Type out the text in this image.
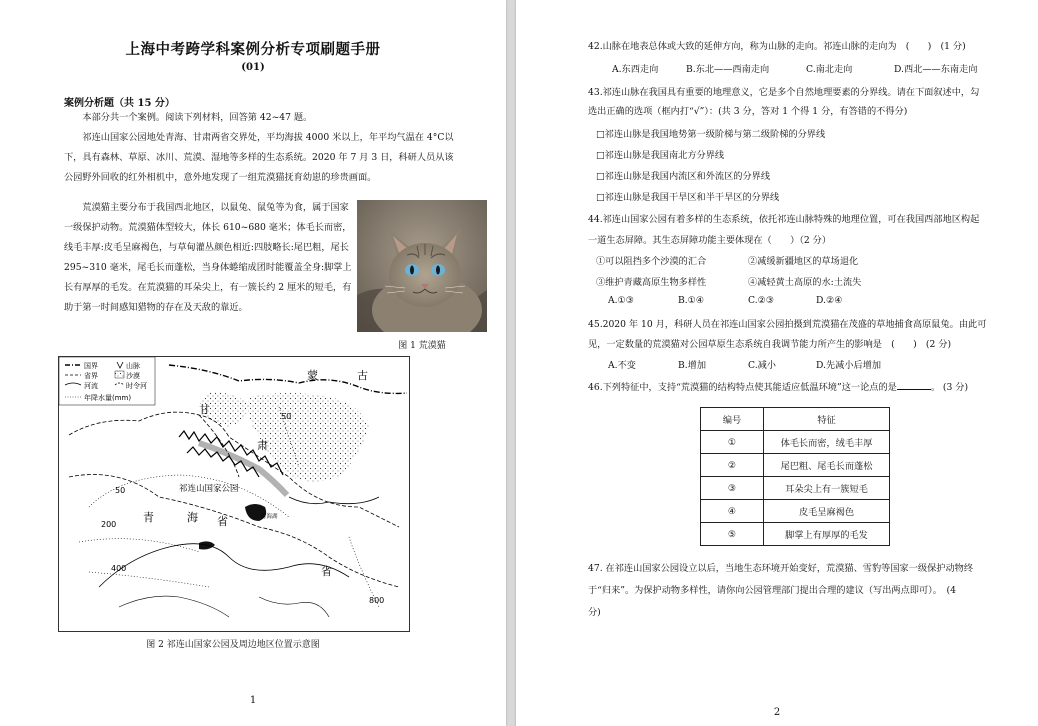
上海中考跨学科案例分析专项刷题手册
(01)
案例分析题（共 15 分）

本部分共一个案例。阅读下列材料，回答第 42~47 题。

祁连山国家公园地处青海、甘肃两省交界处，平均海拔 4000 米以上，年平均气温在 4°C以下，具有森林、草原、冰川、荒漠、湿地等多样的生态系统。2020 年 7 月 3 日，科研人员从该公园野外回收的红外相机中，意外地发现了一组荒漠猫抚育幼崽的珍贵画面。

荒漠猫主要分布于我国西北地区，以鼠兔、鼠兔等为食，属于国家一级保护动物。荒漠猫体型较大，体长 610~680 毫米；体毛长而密，线毛丰厚:皮毛呈麻褐色，与草甸灌丛颜色相近:四肢略长:尾巴粗，尾长 295~310 毫米，尾毛长而蓬松，当身体蜷缩成团时能覆盖全身:脚掌上长有厚厚的毛发。在荒漠猫的耳朵尖上，有一簇长约 2 厘米的短毛，有助于第一时间感知猎物的存在及天敌的靠近。

图 1 荒漠猫
国界	山脉
省界	沙漠
河流	时令河
年降水量(mm)
甘
肃
蒙	古
青	海 省
省
祁连山国家公园
青海湖
50
50
200
400
800
图 2 祁连山国家公园及周边地区位置示意图
1
42.山脉在地表总体或大致的延伸方向，称为山脉的走向。祁连山脉的走向为　(　　)　(1 分)
A.东西走向	B.东北——西南走向	C.南北走向	D.西北——东南走向
43.祁连山脉在我国具有重要的地理意义，它是多个自然地理要素的分界线。请在下面叙述中，勾
选出正确的选项（框内打“√”）：(共 3 分，答对 1 个得 1 分，有答错的不得分)
□祁连山脉是我国地势第一级阶梯与第二级阶梯的分界线
□祁连山脉是我国南北方分界线
□祁连山脉是我国内流区和外流区的分界线
□祁连山脉是我国干旱区和半干旱区的分界线
44.祁连山国家公园有着多样的生态系统，依托祁连山脉特殊的地理位置，可在我国西部地区构起
一道生态屏障。其生态屏障功能主要体现在（　　）（2 分）
①可以阻挡多个沙漠的汇合	②减缓新疆地区的草场退化
③维护青藏高原生物多样性	④减轻黄土高原的水:土流失
A.①③	B.①④	C.②③	D.②④
45.2020 年 10 月，科研人员在祁连山国家公园拍摄到荒漠猫在茂盛的草地捕食高原鼠兔。由此可
见，一定数量的荒漠猫对公园草原生态系统自我调节能力所产生的影响是　(　　)　(2 分)
A.不变	B.增加	C.减小	D.先减小后增加
46.下列特征中，支持“荒漠猫的结构特点使其能适应低温环境”这一论点的是	。 (3 分)
编号	特征
①	体毛长而密，绒毛丰厚
②	尾巴粗、尾毛长而蓬松
③	耳朵尖上有一簇短毛
④	皮毛呈麻褐色
⑤	脚掌上有厚厚的毛发
47. 在祁连山国家公园设立以后，当地生态环境开始变好，荒漠猫、雪豹等国家一级保护动物终
于“归来”。为保护动物多样性，请你向公园管理部门提出合理的建议（写出两点即可）。　(4
分)
2
